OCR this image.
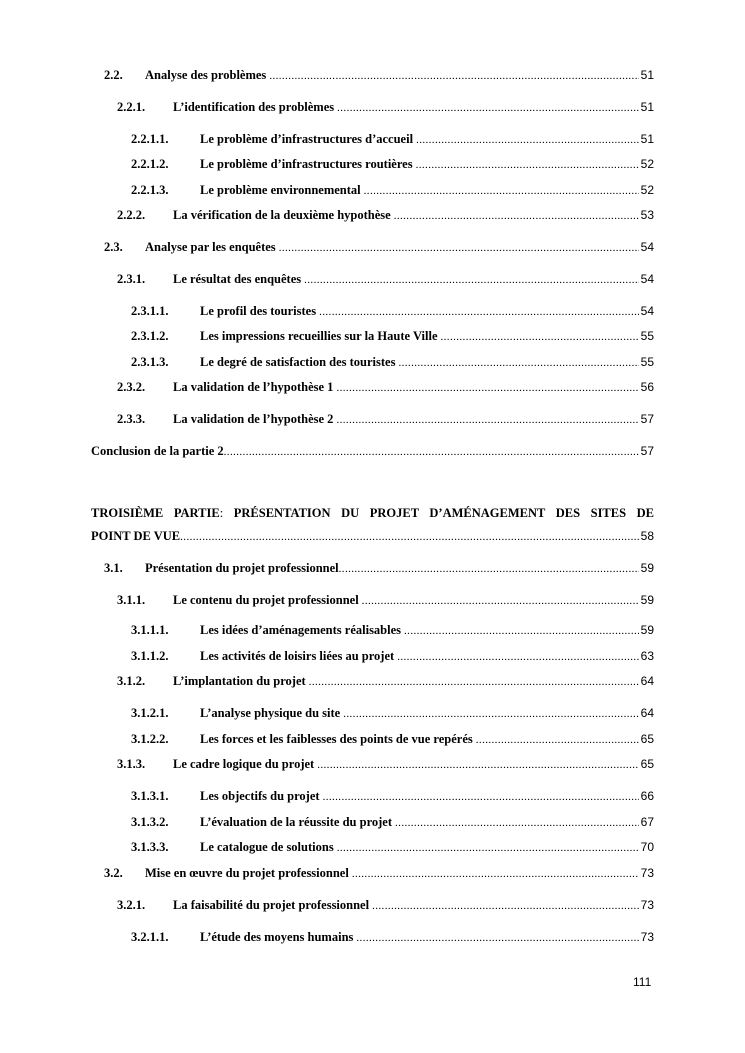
2.2.	Analyse des problèmes .....	51
2.2.1.	L’identification des problèmes .....	51
2.2.1.1.	Le problème d’infrastructures d’accueil .....	51
2.2.1.2.	Le problème d’infrastructures routières .....	52
2.2.1.3.	Le problème environnemental .....	52
2.2.2.	La vérification de la deuxième hypothèse .....	53
2.3.	Analyse par les enquêtes .....	54
2.3.1.	Le résultat des enquêtes .....	54
2.3.1.1.	Le profil des touristes .....	54
2.3.1.2.	Les impressions recueillies sur la Haute Ville .....	55
2.3.1.3.	Le degré de satisfaction des touristes .....	55
2.3.2.	La validation de l’hypothèse 1 .....	56
2.3.3.	La validation de l’hypothèse 2 .....	57
Conclusion de la partie 2 .....	57
TROISIÈME PARTIE: PRÉSENTATION DU PROJET D’AMÉNAGEMENT DES SITES DE
POINT DE VUE .....	58
3.1.	Présentation du projet professionnel .....	59
3.1.1.	Le contenu du projet professionnel .....	59
3.1.1.1.	Les idées d’aménagements réalisables .....	59
3.1.1.2.	Les activités de loisirs liées au projet .....	63
3.1.2.	L’implantation du projet .....	64
3.1.2.1.	L’analyse physique du site .....	64
3.1.2.2.	Les forces et les faiblesses des points de vue repérés .....	65
3.1.3.	Le cadre logique du projet .....	65
3.1.3.1.	Les objectifs du projet .....	66
3.1.3.2.	L’évaluation de la réussite du projet .....	67
3.1.3.3.	Le catalogue de solutions .....	70
3.2.	Mise en œuvre du projet professionnel .....	73
3.2.1.	La faisabilité du projet professionnel .....	73
3.2.1.1.	L’étude des moyens humains .....	73
111
